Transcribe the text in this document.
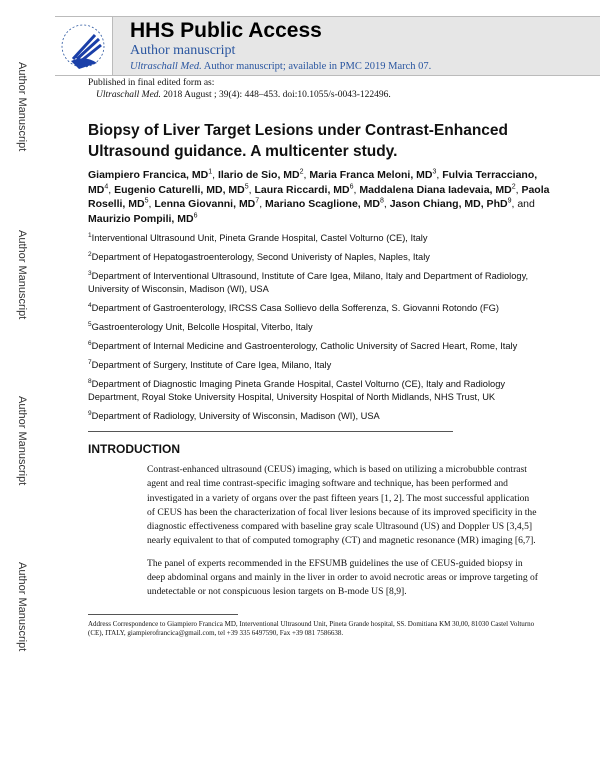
Author Manuscript
Author Manuscript
Author Manuscript
Author Manuscript
HHS Public Access
Author manuscript
Ultraschall Med. Author manuscript; available in PMC 2019 March 07.
Published in final edited form as:
Ultraschall Med. 2018 August ; 39(4): 448–453. doi:10.1055/s-0043-122496.
Biopsy of Liver Target Lesions under Contrast-Enhanced Ultrasound guidance. A multicenter study.
Giampiero Francica, $MD^1$, Ilario de Sio, $MD^2$, Maria Franca Meloni, $MD^3$, Fulvia Terracciano, $MD^4$, Eugenio Caturelli, MD, $MD^5$, Laura Riccardi, $MD^6$, Maddalena Diana Iadevaia, $MD^2$, Paola Roselli, $MD^5$, Lenna Giovanni, $MD^7$, Mariano Scaglione, $MD^8$, Jason Chiang, MD, PhD$^9$, and Maurizio Pompili, $MD^6$
$^1$Interventional Ultrasound Unit, Pineta Grande Hospital, Castel Volturno (CE), Italy
$^2$Department of Hepatogastroenterology, Second Univeristy of Naples, Naples, Italy
$^3$Department of Interventional Ultrasound, Institute of Care Igea, Milano, Italy and Department of Radiology, University of Wisconsin, Madison (WI), USA
$^4$Department of Gastroenterology, IRCSS Casa Sollievo della Sofferenza, S. Giovanni Rotondo (FG)
$^5$Gastroenterology Unit, Belcolle Hospital, Viterbo, Italy
$^6$Department of Internal Medicine and Gastroenterology, Catholic University of Sacred Heart, Rome, Italy
$^7$Department of Surgery, Institute of Care Igea, Milano, Italy
$^8$Department of Diagnostic Imaging Pineta Grande Hospital, Castel Volturno (CE), Italy and Radiology Department, Royal Stoke University Hospital, University Hospital of North Midlands, NHS Trust, UK
$^9$Department of Radiology, University of Wisconsin, Madison (WI), USA
INTRODUCTION
Contrast-enhanced ultrasound (CEUS) imaging, which is based on utilizing a microbubble contrast agent and real time contrast-specific imaging software and technique, has been performed and investigated in a variety of organs over the past fifteen years [1, 2]. The most successful application of CEUS has been the characterization of focal liver lesions because of its improved specificity in the diagnostic effectiveness compared with baseline gray scale Ultrasound (US) and Doppler US [3,4,5] nearly equivalent to that of computed tomography (CT) and magnetic resonance (MR) imaging [6,7].
The panel of experts recommended in the EFSUMB guidelines the use of CEUS-guided biopsy in deep abdominal organs and mainly in the liver in order to avoid necrotic areas or improve targeting of undetectable or not conspicuous lesion targets on B-mode US [8,9].
Address Correspondence to Giampiero Francica MD, Interventional Ultrasound Unit, Pineta Grande hospital, SS. Domitiana KM 30,00, 81030 Castel Volturno (CE), ITALY, giampierofrancica@gmail.com, tel +39 335 6497590, Fax +39 081 7586638.
